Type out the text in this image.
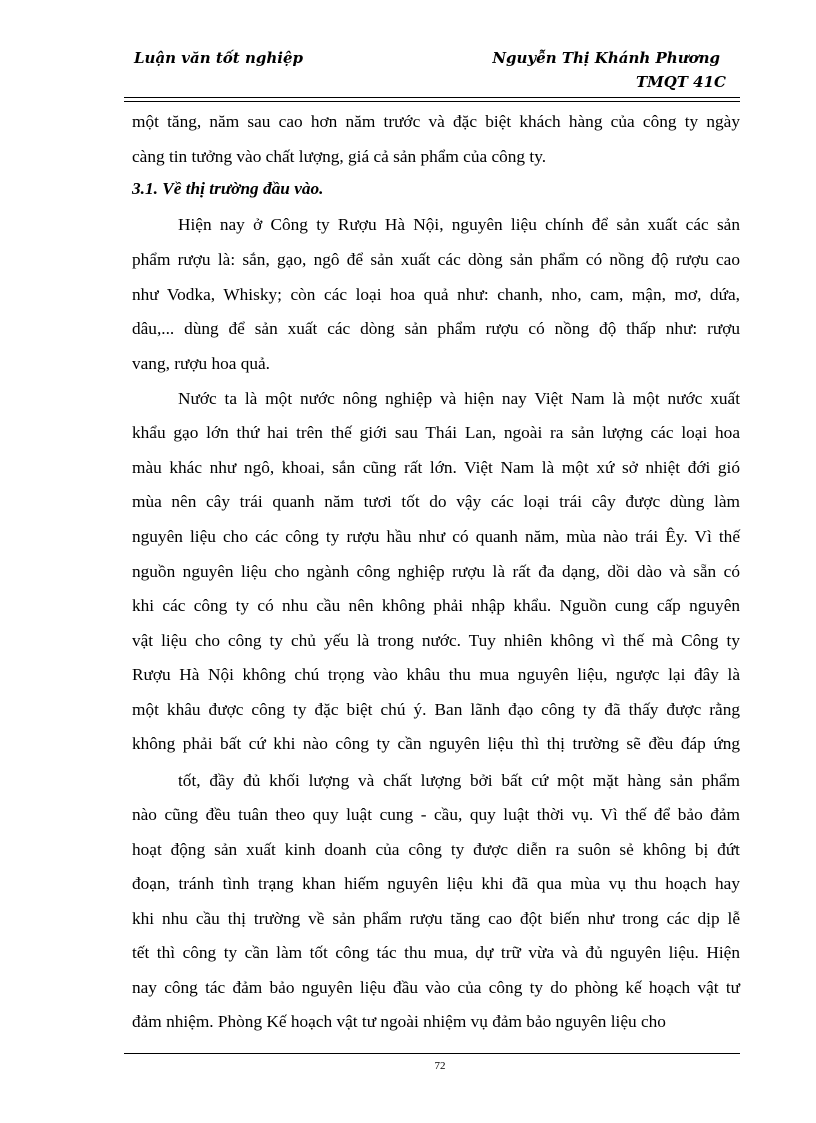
Luận văn tốt nghiệp	Nguyễn Thị Khánh Phương
TMQT 41C
một tăng, năm sau cao hơn năm trước và đặc biệt khách hàng của công ty ngày
càng tin tưởng vào chất lượng, giá cả sản phẩm của công ty.
3.1. Về thị trường đầu vào.
Hiện nay ở Công ty Rượu Hà Nội, nguyên liệu chính để sản xuất các sản
phẩm rượu là: sắn, gạo, ngô để sản xuất các dòng sản phẩm có nồng độ rượu cao
như Vodka, Whisky; còn các loại hoa quả như: chanh, nho, cam, mận, mơ, dứa,
dâu,... dùng để sản xuất các dòng sản phẩm rượu có nồng độ thấp như: rượu
vang, rượu hoa quả.
Nước ta là một nước nông nghiệp và hiện nay Việt Nam là một nước xuất
khẩu gạo lớn thứ hai trên thế giới sau Thái Lan, ngoài ra sản lượng các loại hoa
màu khác như ngô, khoai, sắn cũng rất lớn. Việt Nam là một xứ sở nhiệt đới gió
mùa nên cây trái quanh năm tươi tốt do vậy các loại trái cây được dùng làm
nguyên liệu cho các công ty rượu hầu như có quanh năm, mùa nào trái Êy. Vì thế
nguồn nguyên liệu cho ngành công nghiệp rượu là rất đa dạng, dồi dào và sẵn có
khi các công ty có nhu cầu nên không phải nhập khẩu. Nguồn cung cấp nguyên
vật liệu cho công ty chủ yếu là trong nước. Tuy nhiên không vì thế mà Công ty
Rượu Hà Nội không chú trọng vào khâu thu mua nguyên liệu, ngược lại đây là
một khâu được công ty đặc biệt chú ý. Ban lãnh đạo công ty đã thấy được rằng
không phải bất cứ khi nào công ty cần nguyên liệu thì thị trường sẽ đều đáp ứng
tốt, đầy đủ khối lượng và chất lượng bởi bất cứ một mặt hàng sản phẩm
nào cũng đều tuân theo quy luật cung - cầu, quy luật thời vụ. Vì thế để bảo đảm
hoạt động sản xuất kinh doanh của công ty được diễn ra suôn sẻ không bị đứt
đoạn, tránh tình trạng khan hiếm nguyên liệu khi đã qua mùa vụ thu hoạch hay
khi nhu cầu thị trường về sản phẩm rượu tăng cao đột biến như trong các dịp lễ
tết thì công ty cần làm tốt công tác thu mua, dự trữ vừa và đủ nguyên liệu. Hiện
nay công tác đảm bảo nguyên liệu đầu vào của công ty do phòng kế hoạch vật tư
đảm nhiệm. Phòng Kế hoạch vật tư ngoài nhiệm vụ đảm bảo nguyên liệu cho
72
